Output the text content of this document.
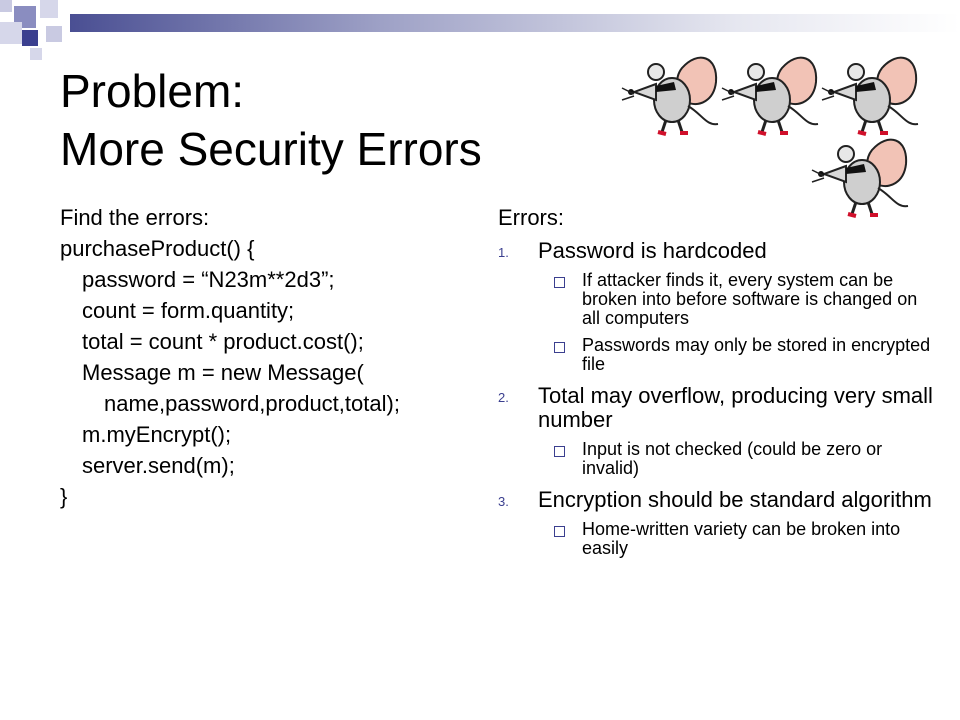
Problem:
More Security Errors
Find the errors:
purchaseProduct() {
password = “N23m**2d3”;
count = form.quantity;
total = count * product.cost();
Message m = new Message(
name,password,product,total);
m.myEncrypt();
server.send(m);
}
Errors:
1. Password is hardcoded
If attacker finds it, every system can be broken into before software is changed on all computers
Passwords may only be stored in encrypted file
2. Total may overflow, producing very small number
Input is not checked (could be zero or invalid)
3. Encryption should be standard algorithm
Home-written variety can be broken into easily
